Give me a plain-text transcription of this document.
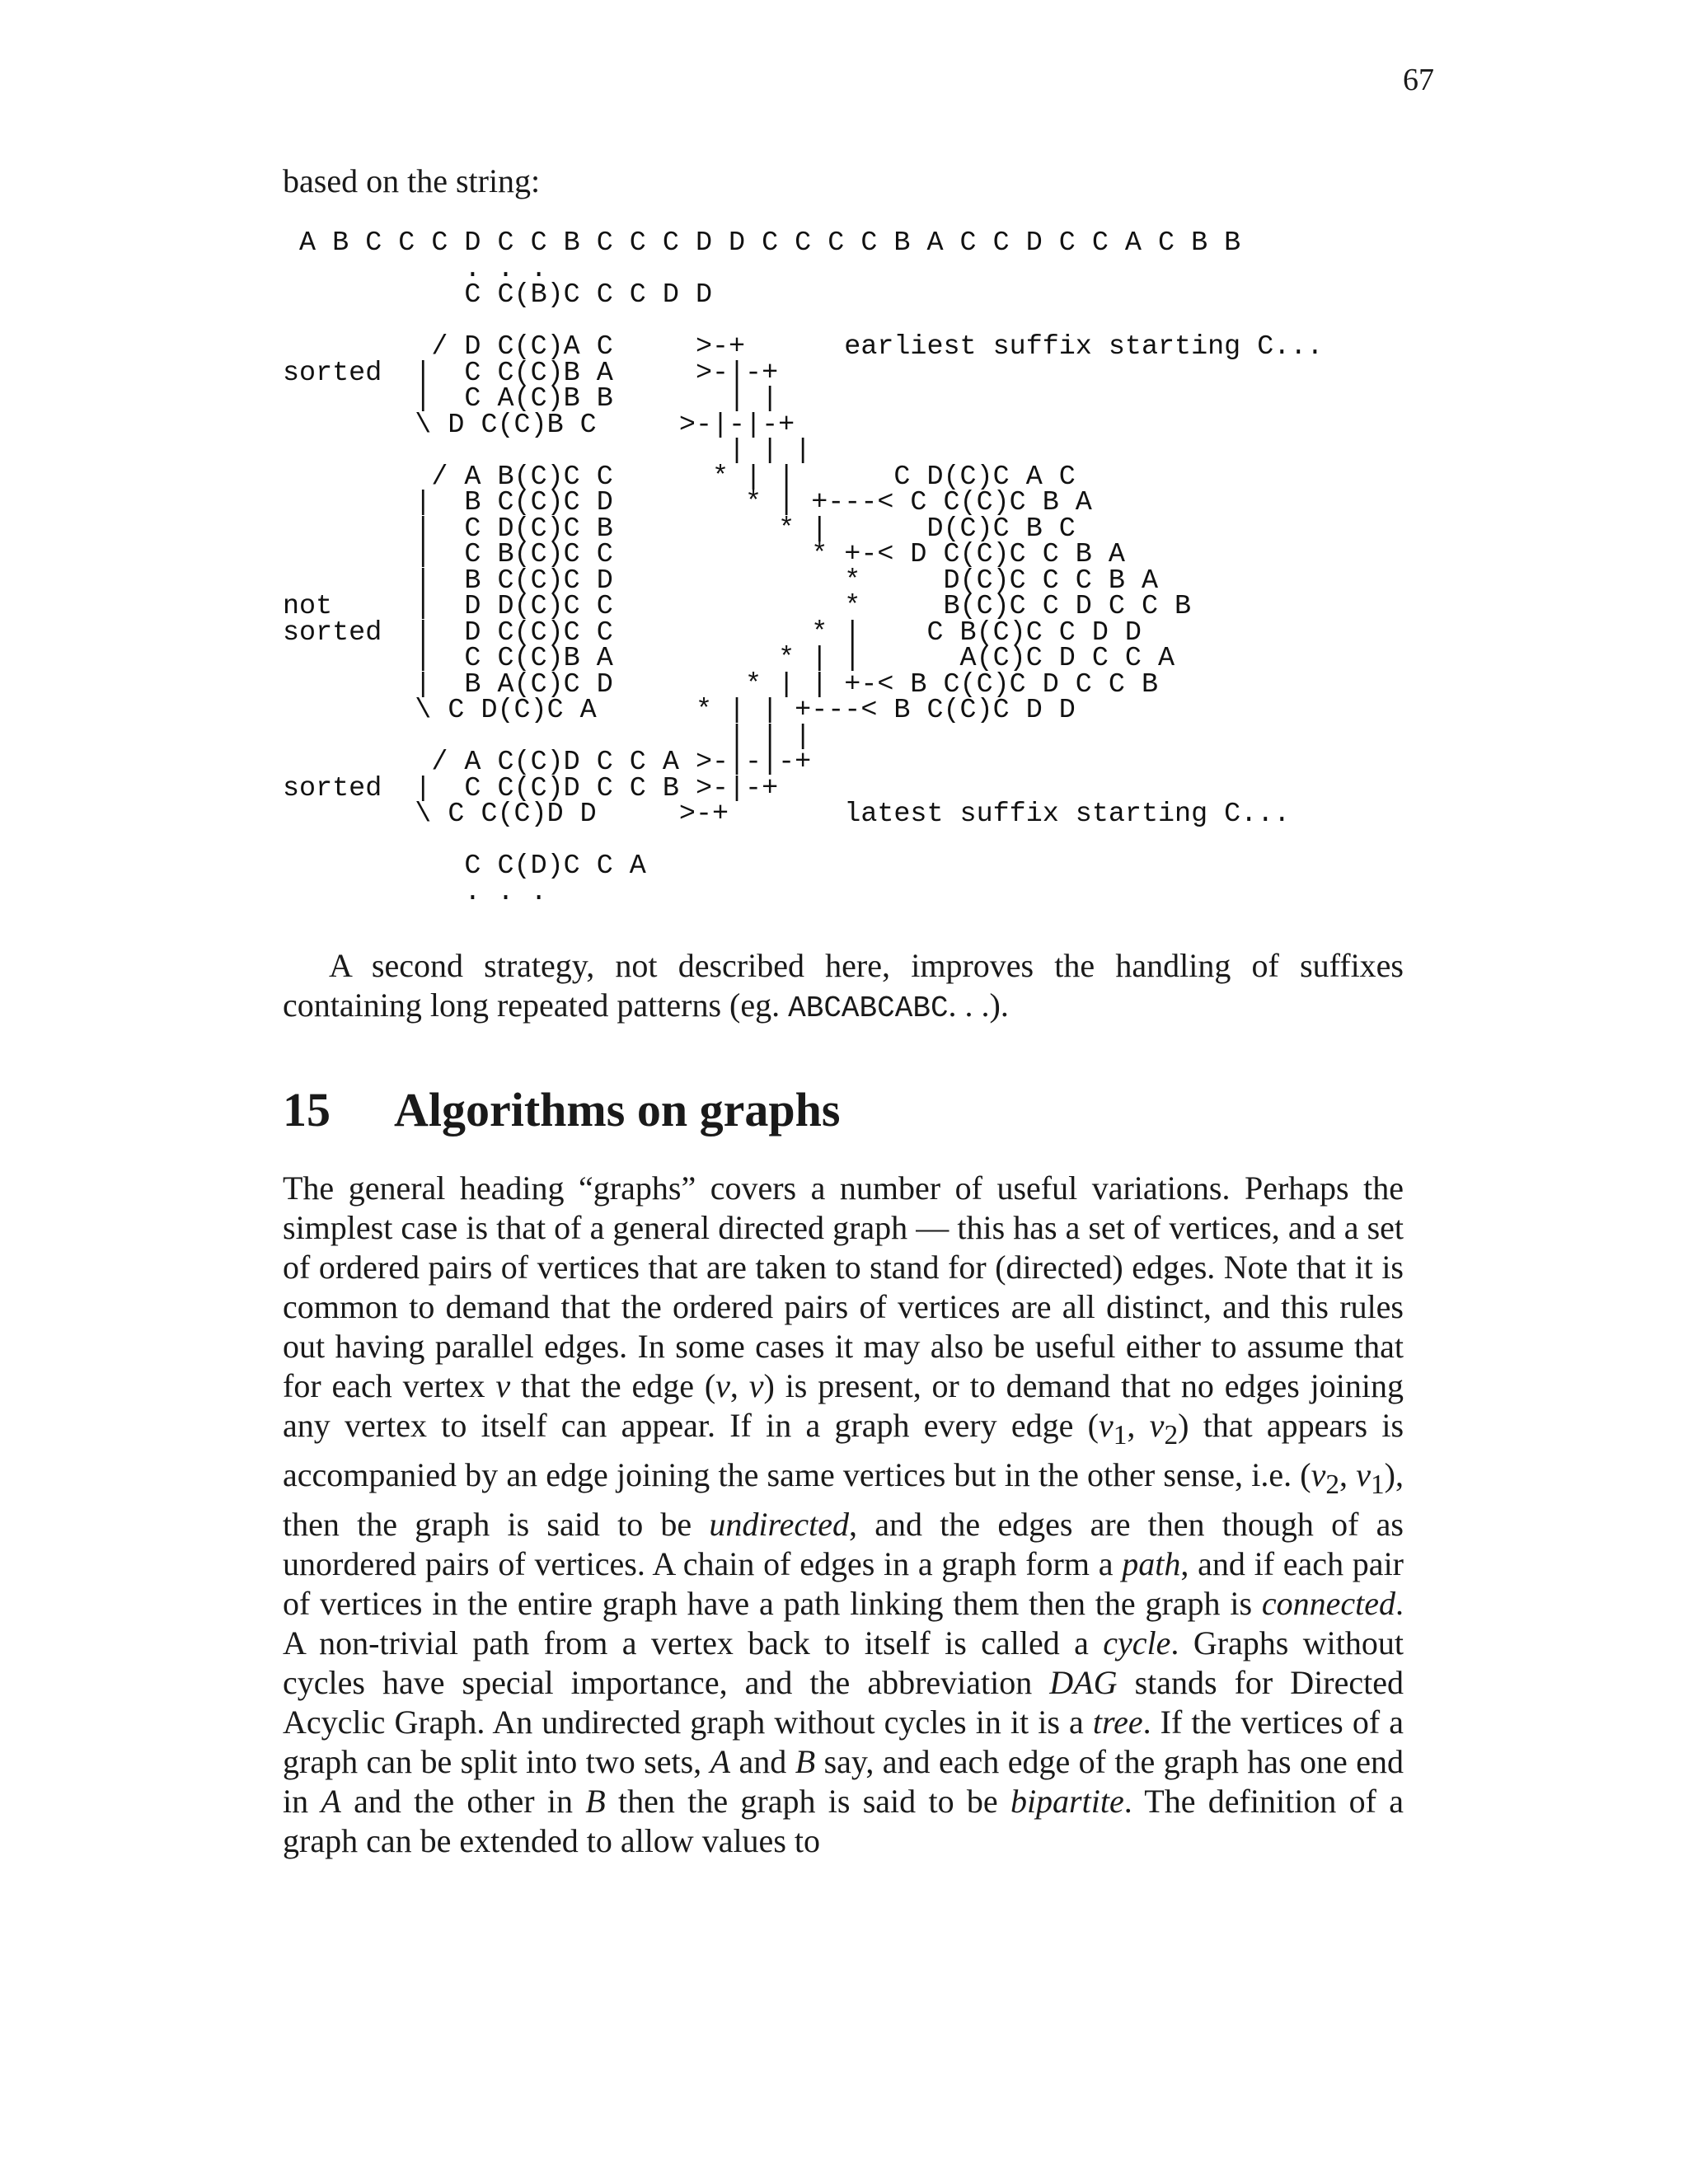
67
based on the string:
A B C C C D C C B C C C D D C C C C B A C C D C C A C B B
. . .
C C(B)C C C D D

/ D C(C)A C     >-+      earliest suffix starting C...
sorted  |  C C(C)B A     >-|-+
|  C A(C)B B       | |
\ D C(C)B C     >-|-|-+
| | |
/ A B(C)C C      * | |      C D(C)C A C
|  B C(C)C D        * | +---< C C(C)C B A
|  C D(C)C B          * |      D(C)C B C
|  C B(C)C C            * +-< D C(C)C C B A
|  B C(C)C D              *     D(C)C C C B A
not     |  D D(C)C C              *     B(C)C C D C C B
sorted  |  D C(C)C C            * |    C B(C)C C D D
|  C C(C)B A          * | |      A(C)C D C C A
|  B A(C)C D        * | | +-< B C(C)C D C C B
\ C D(C)C A      * | | +---< B C(C)C D D
| | |
/ A C(C)D C C A >-|-|-+
sorted  |  C C(C)D C C B >-|-+
\ C C(C)D D     >-+       latest suffix starting C...

C C(D)C C A
. . .

A second strategy, not described here, improves the handling of suffixes containing long repeated patterns (eg. ABCABCABC. . .).

15 Algorithms on graphs

The general heading “graphs” covers a number of useful variations. Perhaps the simplest case is that of a general directed graph — this has a set of vertices, and a set of ordered pairs of vertices that are taken to stand for (directed) edges. Note that it is common to demand that the ordered pairs of vertices are all distinct, and this rules out having parallel edges. In some cases it may also be useful either to assume that for each vertex v that the edge (v, v) is present, or to demand that no edges joining any vertex to itself can appear. If in a graph every edge ($v_1$, $v_2$) that appears is accompanied by an edge joining the same vertices but in the other sense, i.e. ($v_2$, $v_1$), then the graph is said to be undirected, and the edges are then though of as unordered pairs of vertices. A chain of edges in a graph form a path, and if each pair of vertices in the entire graph have a path linking them then the graph is connected. A non-trivial path from a vertex back to itself is called a cycle. Graphs without cycles have special importance, and the abbreviation DAG stands for Directed Acyclic Graph. An undirected graph without cycles in it is a tree. If the vertices of a graph can be split into two sets, A and B say, and each edge of the graph has one end in A and the other in B then the graph is said to be bipartite. The definition of a graph can be extended to allow values to
